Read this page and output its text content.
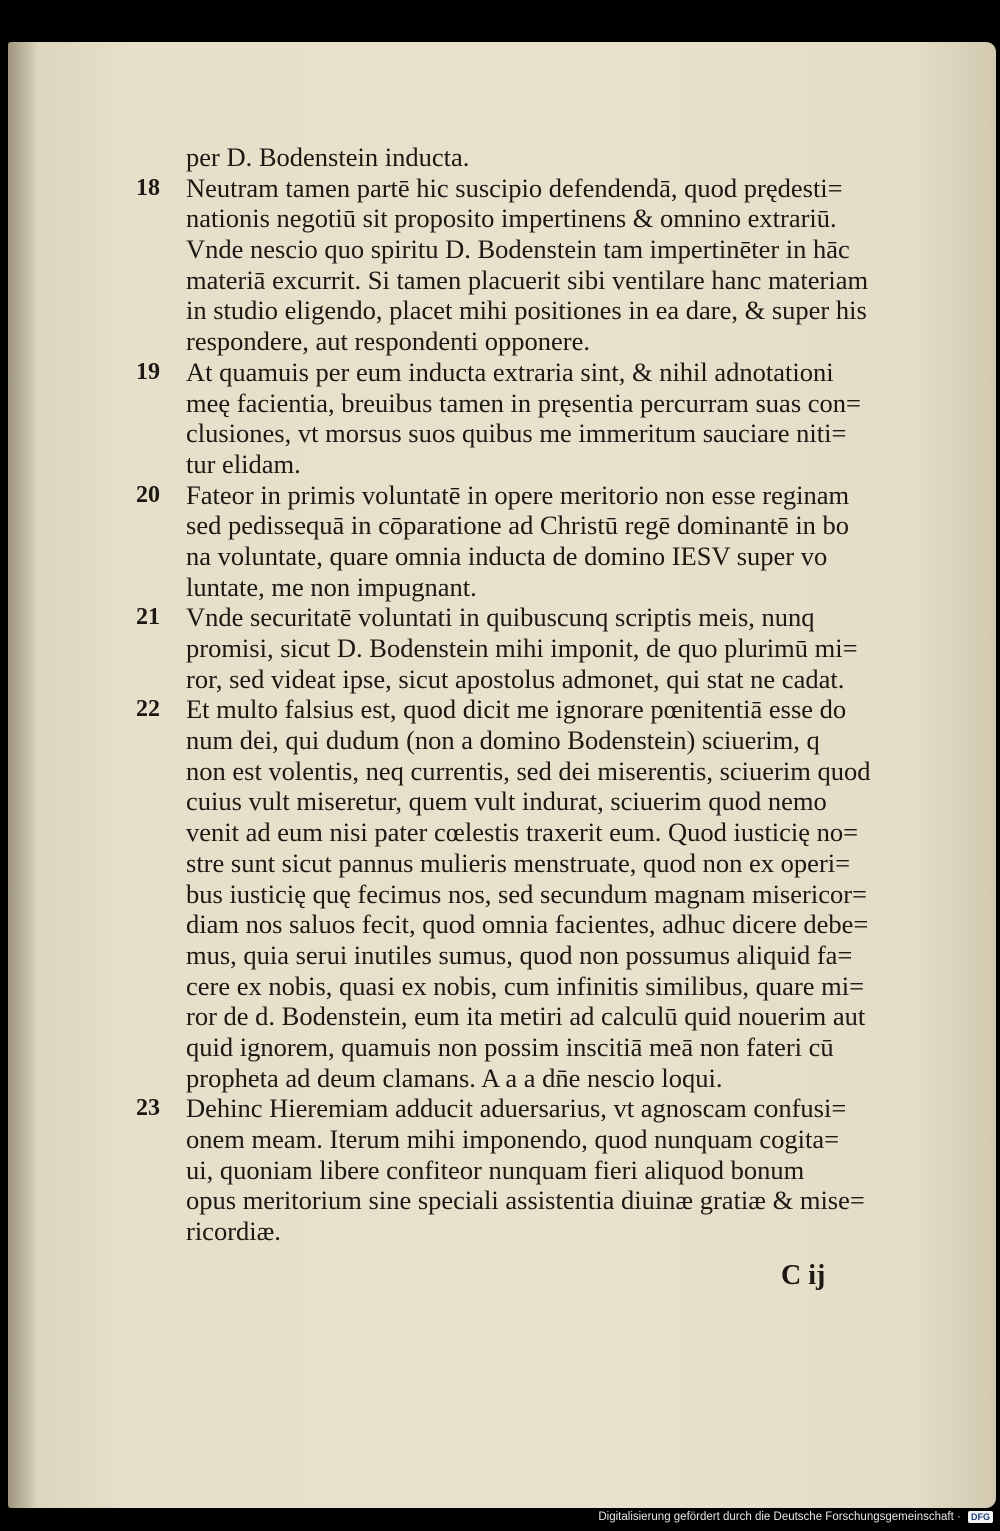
per D. Bodenstein inducta.
18 Neutram tamen partē hic suscipio defendendā, quod prędesti=
nationis negotiū sit proposito impertinens & omnino extrariū.
Vnde nescio quo spiritu D. Bodenstein tam impertinēter in hāc
materiā excurrit. Si tamen placuerit sibi ventilare hanc materiam
in studio eligendo, placet mihi positiones in ea dare, & super his
respondere, aut respondenti opponere.
19 At quamuis per eum inducta extraria sint, & nihil adnotationi
meę facientia, breuibus tamen in pręsentia percurram suas con=
clusiones, vt morsus suos quibus me immeritum sauciare niti=
tur elidam.
20 Fateor in primis voluntatē in opere meritorio non esse reginam
sed pedissequā in cōparatione ad Christū regē dominantē in bo
na voluntate, quare omnia inducta de domino IESV super vo
luntate, me non impugnant.
21 Vnde securitatē voluntati in quibuscunq scriptis meis, nunq
promisi, sicut D. Bodenstein mihi imponit, de quo plurimū mi=
ror, sed videat ipse, sicut apostolus admonet, qui stat ne cadat.
22 Et multo falsius est, quod dicit me ignorare pœnitentiā esse do
num dei, qui dudum (non a domino Bodenstein) sciuerim, q
non est volentis, neq currentis, sed dei miserentis, sciuerim quod
cuius vult miseretur, quem vult indurat, sciuerim quod nemo
venit ad eum nisi pater cœlestis traxerit eum. Quod iusticię no=
stre sunt sicut pannus mulieris menstruate, quod non ex operi=
bus iusticię quę fecimus nos, sed secundum magnam misericor=
diam nos saluos fecit, quod omnia facientes, adhuc dicere debe=
mus, quia serui inutiles sumus, quod non possumus aliquid fa=
cere ex nobis, quasi ex nobis, cum infinitis similibus, quare mi=
ror de d. Bodenstein, eum ita metiri ad calculū quid nouerim aut
quid ignorem, quamuis non possim inscitiā meā non fateri cū
propheta ad deum clamans. A a a dn̄e nescio loqui.
23 Dehinc Hieremiam adducit aduersarius, vt agnoscam confusi=
onem meam. Iterum mihi imponendo, quod nunquam cogita=
ui, quoniam libere confiteor nunquam fieri aliquod bonum
opus meritorium sine speciali assistentia diuinæ gratiæ & mise=
ricordiæ.
C ij
Digitalisierung gefördert durch die Deutsche Forschungsgemeinschaft · DFG
